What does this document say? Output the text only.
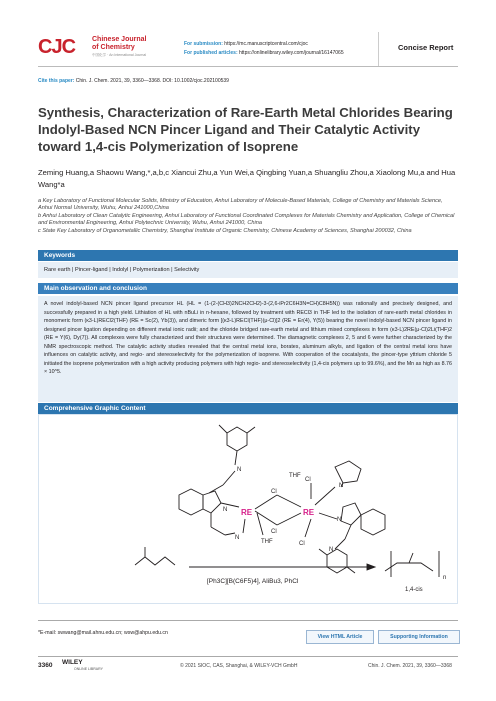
CJC Chinese Journal
of Chemistry
中国化学 · An International Journal
For submission: https://mc.manuscriptcentral.com/cjoc
For published articles: https://onlinelibrary.wiley.com/journal/16147065
Concise Report
Cite this paper: Chin. J. Chem. 2021, 39, 3360—3368. DOI: 10.1002/cjoc.202100539
Synthesis, Characterization of Rare-Earth Metal Chlorides Bearing Indolyl-Based NCN Pincer Ligand and Their Catalytic Activity toward 1,4-cis Polymerization of Isoprene
Zeming Huang,a Shaowu Wang,*,a,b,c Xiancui Zhu,a Yun Wei,a Qingbing Yuan,a Shuangliu Zhou,a Xiaolong Mu,a and Hua Wang*a
a Key Laboratory of Functional Molecular Solids, Ministry of Education, Anhui Laboratory of Molecule-Based Materials, College of Chemistry and Materials Science, Anhui Normal University, Wuhu, Anhui 241000,China
b Anhui Laboratory of Clean Catalytic Engineering, Anhui Laboratory of Functional Coordinated Complexes for Materials Chemistry and Application, College of Chemical and Environmental Engineering, Anhui Polytechnic University, Wuhu, Anhui 241000, China
c State Key Laboratory of Organometallic Chemistry, Shanghai Institute of Organic Chemistry, Chinese Academy of Sciences, Shanghai 200032, China
Keywords
Rare earth | Pincer-ligand | Indolyl | Polymerization | Selectivity
Main observation and conclusion
A novel indolyl-based NCN pincer ligand precursor HL (HL = (1-(2-(CH3)2NCH2CH2)-3-(2,6-iPr2C6H3N=CH)C8H5N)) was rationally and precisely designed, and successfully prepared in a high yield. Lithiation of HL with nBuLi in n-hexane, followed by treatment with RECl3 in THF led to the isolation of rare-earth metal chlorides in monomeric form (κ3-L)RECl2(THF) (RE = Sc(2), Yb(3)), and dimeric form [(κ3-L)RECl(THF)(μ-Cl)]2 (RE = Er(4), Y(5)) bearing the novel indolyl-based NCN pincer ligand in designed pincer ligation depending on different metal ionic radii; and the chloride bridged rare-earth metal and lithium mixed complexes in form (κ3-L)2RE(μ-Cl)2Li(THF)2 (RE = Y(6), Dy(7)). All complexes were fully characterized and their structures were determined. The diamagnetic complexes 2, 5 and 6 were further characterized by the NMR spectroscopic method. The catalytic activity studies revealed that the central metal ions, borates, aluminum alkyls, and ligation of the central metal ions have influences on catalytic activity, and regio- and stereoselectivity for the polymerization of isoprene. With cooperation of the cocatalysts, the pincer-type yttrium chloride 5 initiated the isoprene polymerization with a high activity producing polymers with high regio- and stereoselectivity (1,4-cis polymers up to 99.6%), and the Mn as high as 8.76 × 10^5.
Comprehensive Graphic Content
N
N
N
N
N
N
RE	RE
Cl
Cl
Cl
Cl
THF
THF
[Ph3C][B(C6F5)4], AliBu3, PhCl	n
1,4-cis
*E-mail: swwang@mail.ahnu.edu.cn; wsw@ahpu.edu.cn
View HTML Article	Supporting Information
3360 WILEY
ONLINE LIBRARY	© 2021 SIOC, CAS, Shanghai, & WILEY-VCH GmbH	Chin. J. Chem. 2021, 39, 3360—3368
